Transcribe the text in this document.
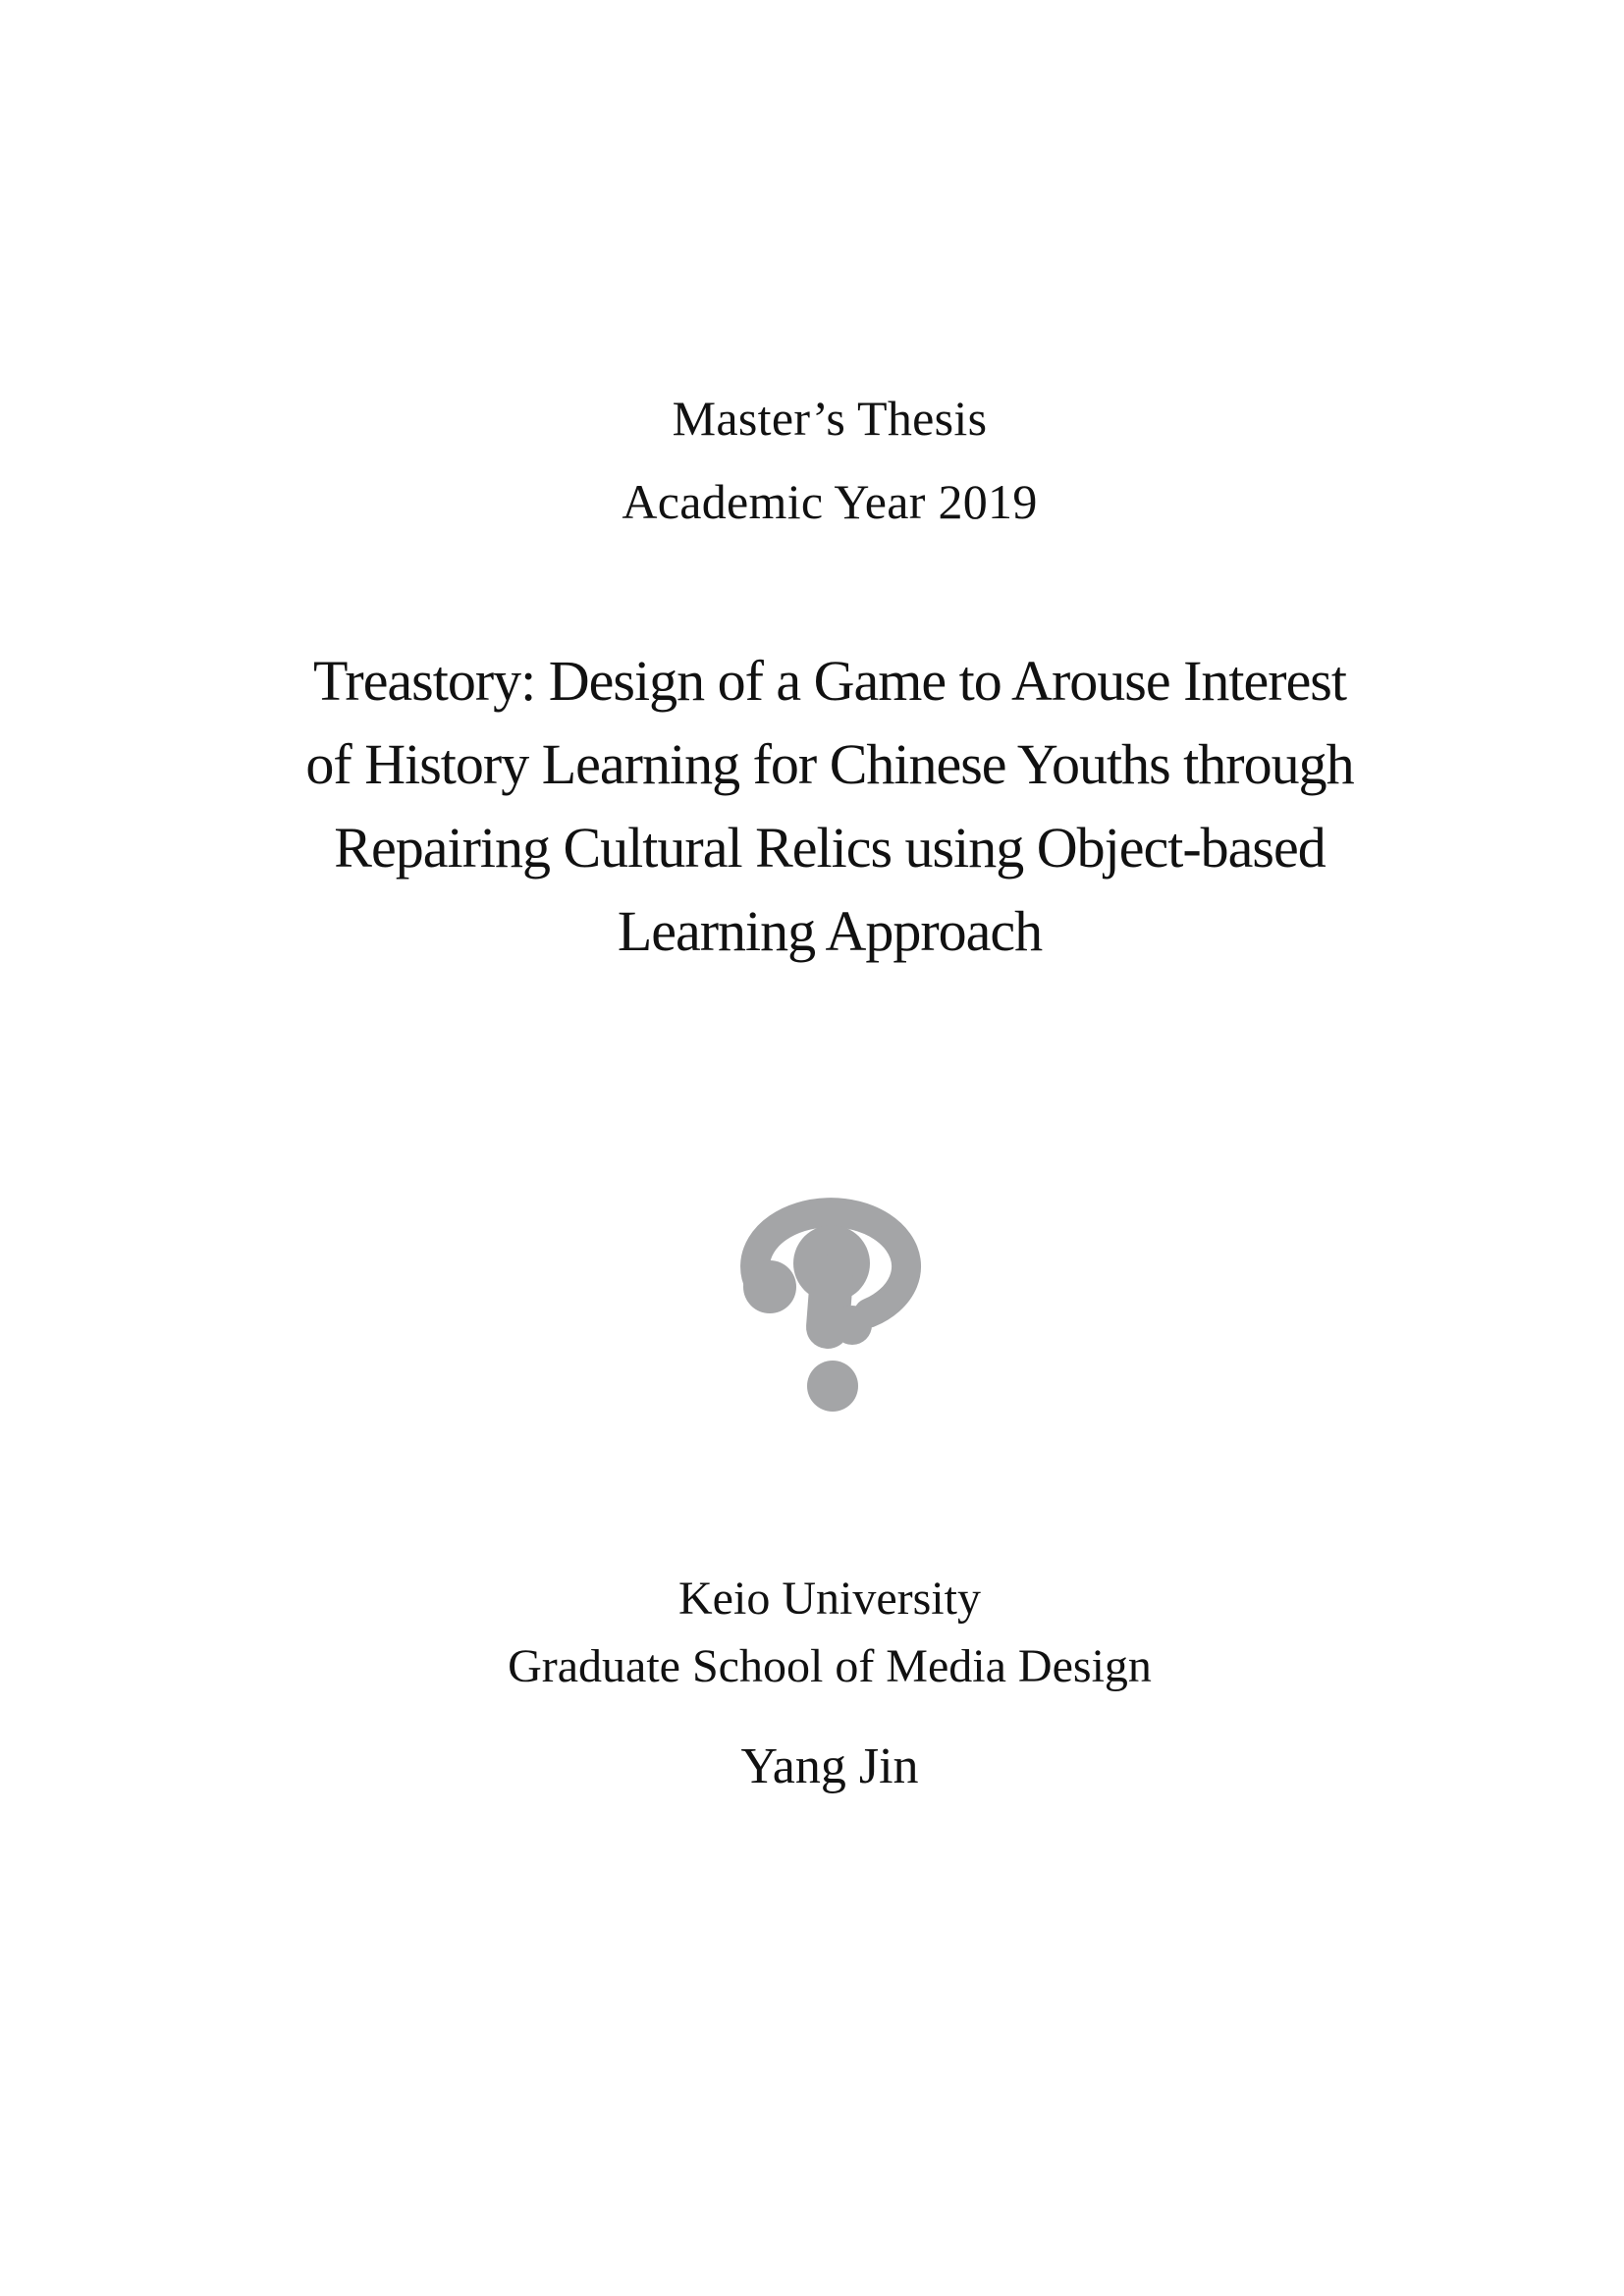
Master’s Thesis
Academic Year 2019
Treastory: Design of a Game to Arouse Interest
of History Learning for Chinese Youths through
Repairing Cultural Relics using Object-based
Learning Approach
Keio University
Graduate School of Media Design
Yang Jin
